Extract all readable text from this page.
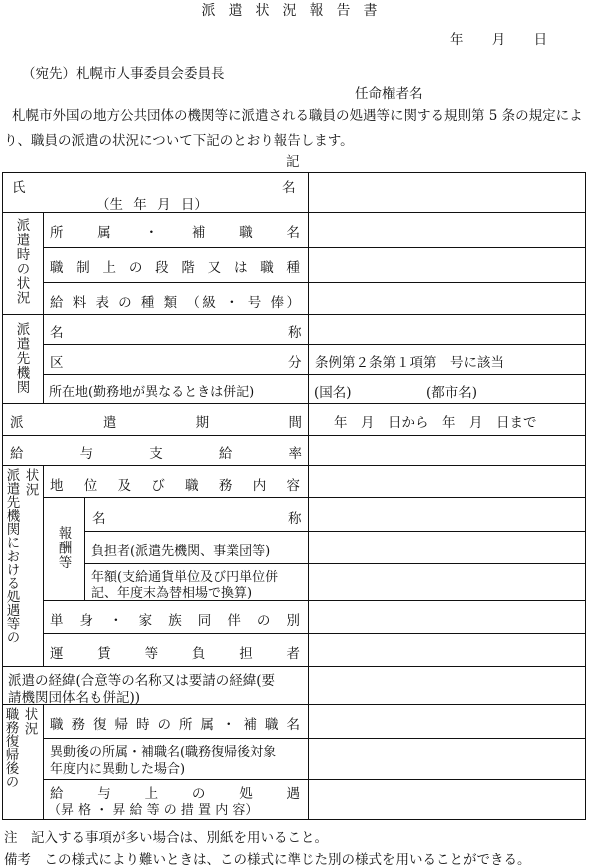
派遣状況報告書
年 月 日
（宛先）札幌市人事委員会委員長
任命権者名
札幌市外国の地方公共団体の機関等に派遣される職員の処遇等に関する規則第 5 条の規定により、職員の派遣の状況について下記のとおり報告します。
記
氏	名
（生 年 月 日）
派遣時の状況 所 属 ・ 補 職 名
職 制 上 の 段 階 又 は 職 種
給 料 表 の 種 類 （級 ・ 号 俸）
派遣先機関 名	称
区	分 条例第２条第１項第　号に該当
所在地(勤務地が異なるときは併記)	(国名)	(都市名)
派 遣 期 間 年　月　日から　年　月　日まで
給 与 支 給 率
状況
派遣先機関における処遇等の 地 位 及 び 職 務 内 容
報酬等
名	称
負担者(派遣先機関、事業団等)
年額(支給通貨単位及び円単位併
記、年度末為替相場で換算)
単 身 ・ 家 族 同 伴 の 別
運 賃 等 負 担 者
派遣の経緯(合意等の名称又は要請の経緯(要
請機関団体名も併記))
状況
職務復帰後の 職 務 復 帰 時 の 所 属 ・ 補 職 名
異動後の所属・補職名(職務復帰後対象
年度内に異動した場合)
給 与 上 の 処 遇
（昇 格 ・ 昇 給 等 の 措 置 内 容）
注　記入する事項が多い場合は、別紙を用いること。
備考　この様式により難いときは、この様式に準じた別の様式を用いることができる。
